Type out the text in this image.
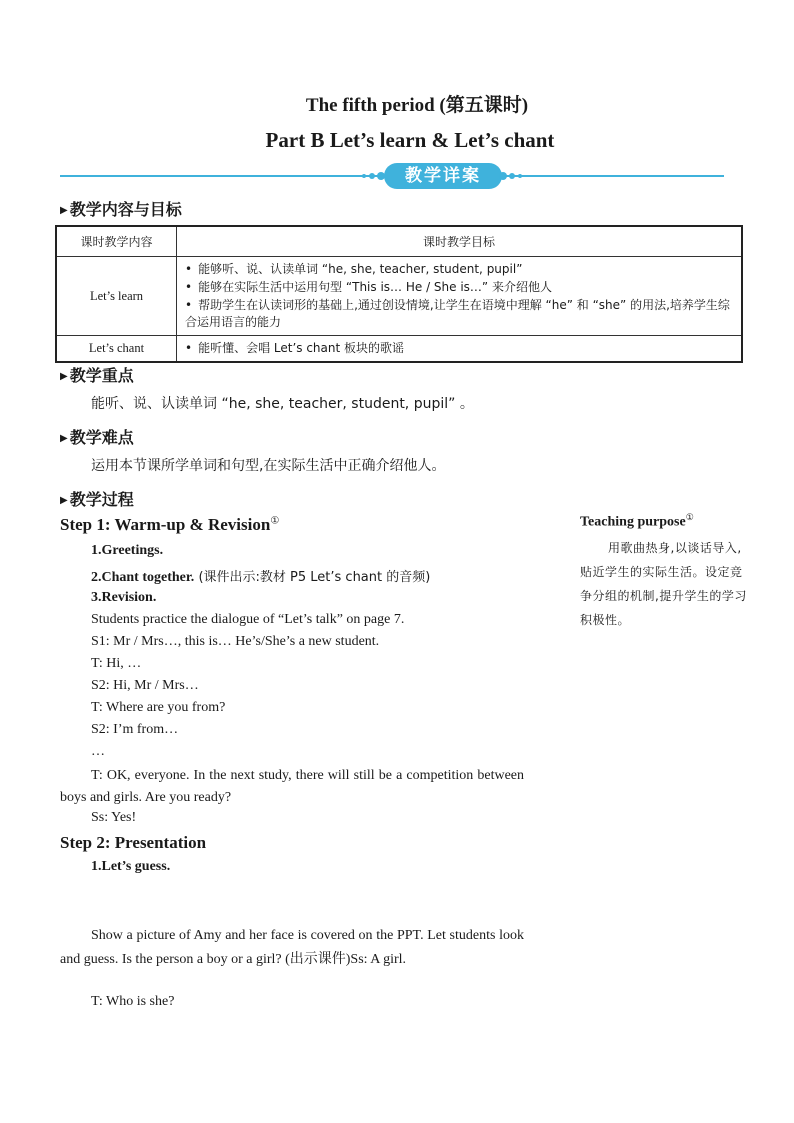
The fifth period (第五课时)
Part B Let’s learn & Let’s chant
教学详案
▶ 教学内容与目标
课时教学内容	课时教学目标
Let’s learn	• 能够听、说、认读单词 “he, she, teacher, student, pupil”
• 能够在实际生活中运用句型 “This is… He / She is…” 来介绍他人
• 帮助学生在认读词形的基础上,通过创设情境,让学生在语境中理解 “he” 和 “she” 的用法,培养学生综合运用语言的能力

Let’s chant	• 能听懂、会唱 Let’s chant 板块的歌谣
▶ 教学重点
能听、说、认读单词 “he, she, teacher, student, pupil” 。
▶ 教学难点
运用本节课所学单词和句型,在实际生活中正确介绍他人。
▶ 教学过程
Step 1: Warm-up & Revision①
1.Greetings.
2.Chant together. (课件出示:教材 P5 Let’s chant 的音频)
3.Revision.
Students practice the dialogue of “Let’s talk” on page 7.
S1: Mr / Mrs…, this is… He’s/She’s a new student.
T: Hi, …
S2: Hi, Mr / Mrs…
T: Where are you from?
S2: I’m from…
…
T: OK, everyone. In the next study, there will still be a competition between boys and girls. Are you ready?
Ss: Yes!
Step 2: Presentation
1.Let’s guess.
Show a picture of Amy and her face is covered on the PPT. Let students look and guess. Is the person a boy or a girl? (出示课件)Ss: A girl.
T: Who is she?
Teaching purpose①
用歌曲热身,以谈话导入,贴近学生的实际生活。设定竞争分组的机制,提升学生的学习积极性。
